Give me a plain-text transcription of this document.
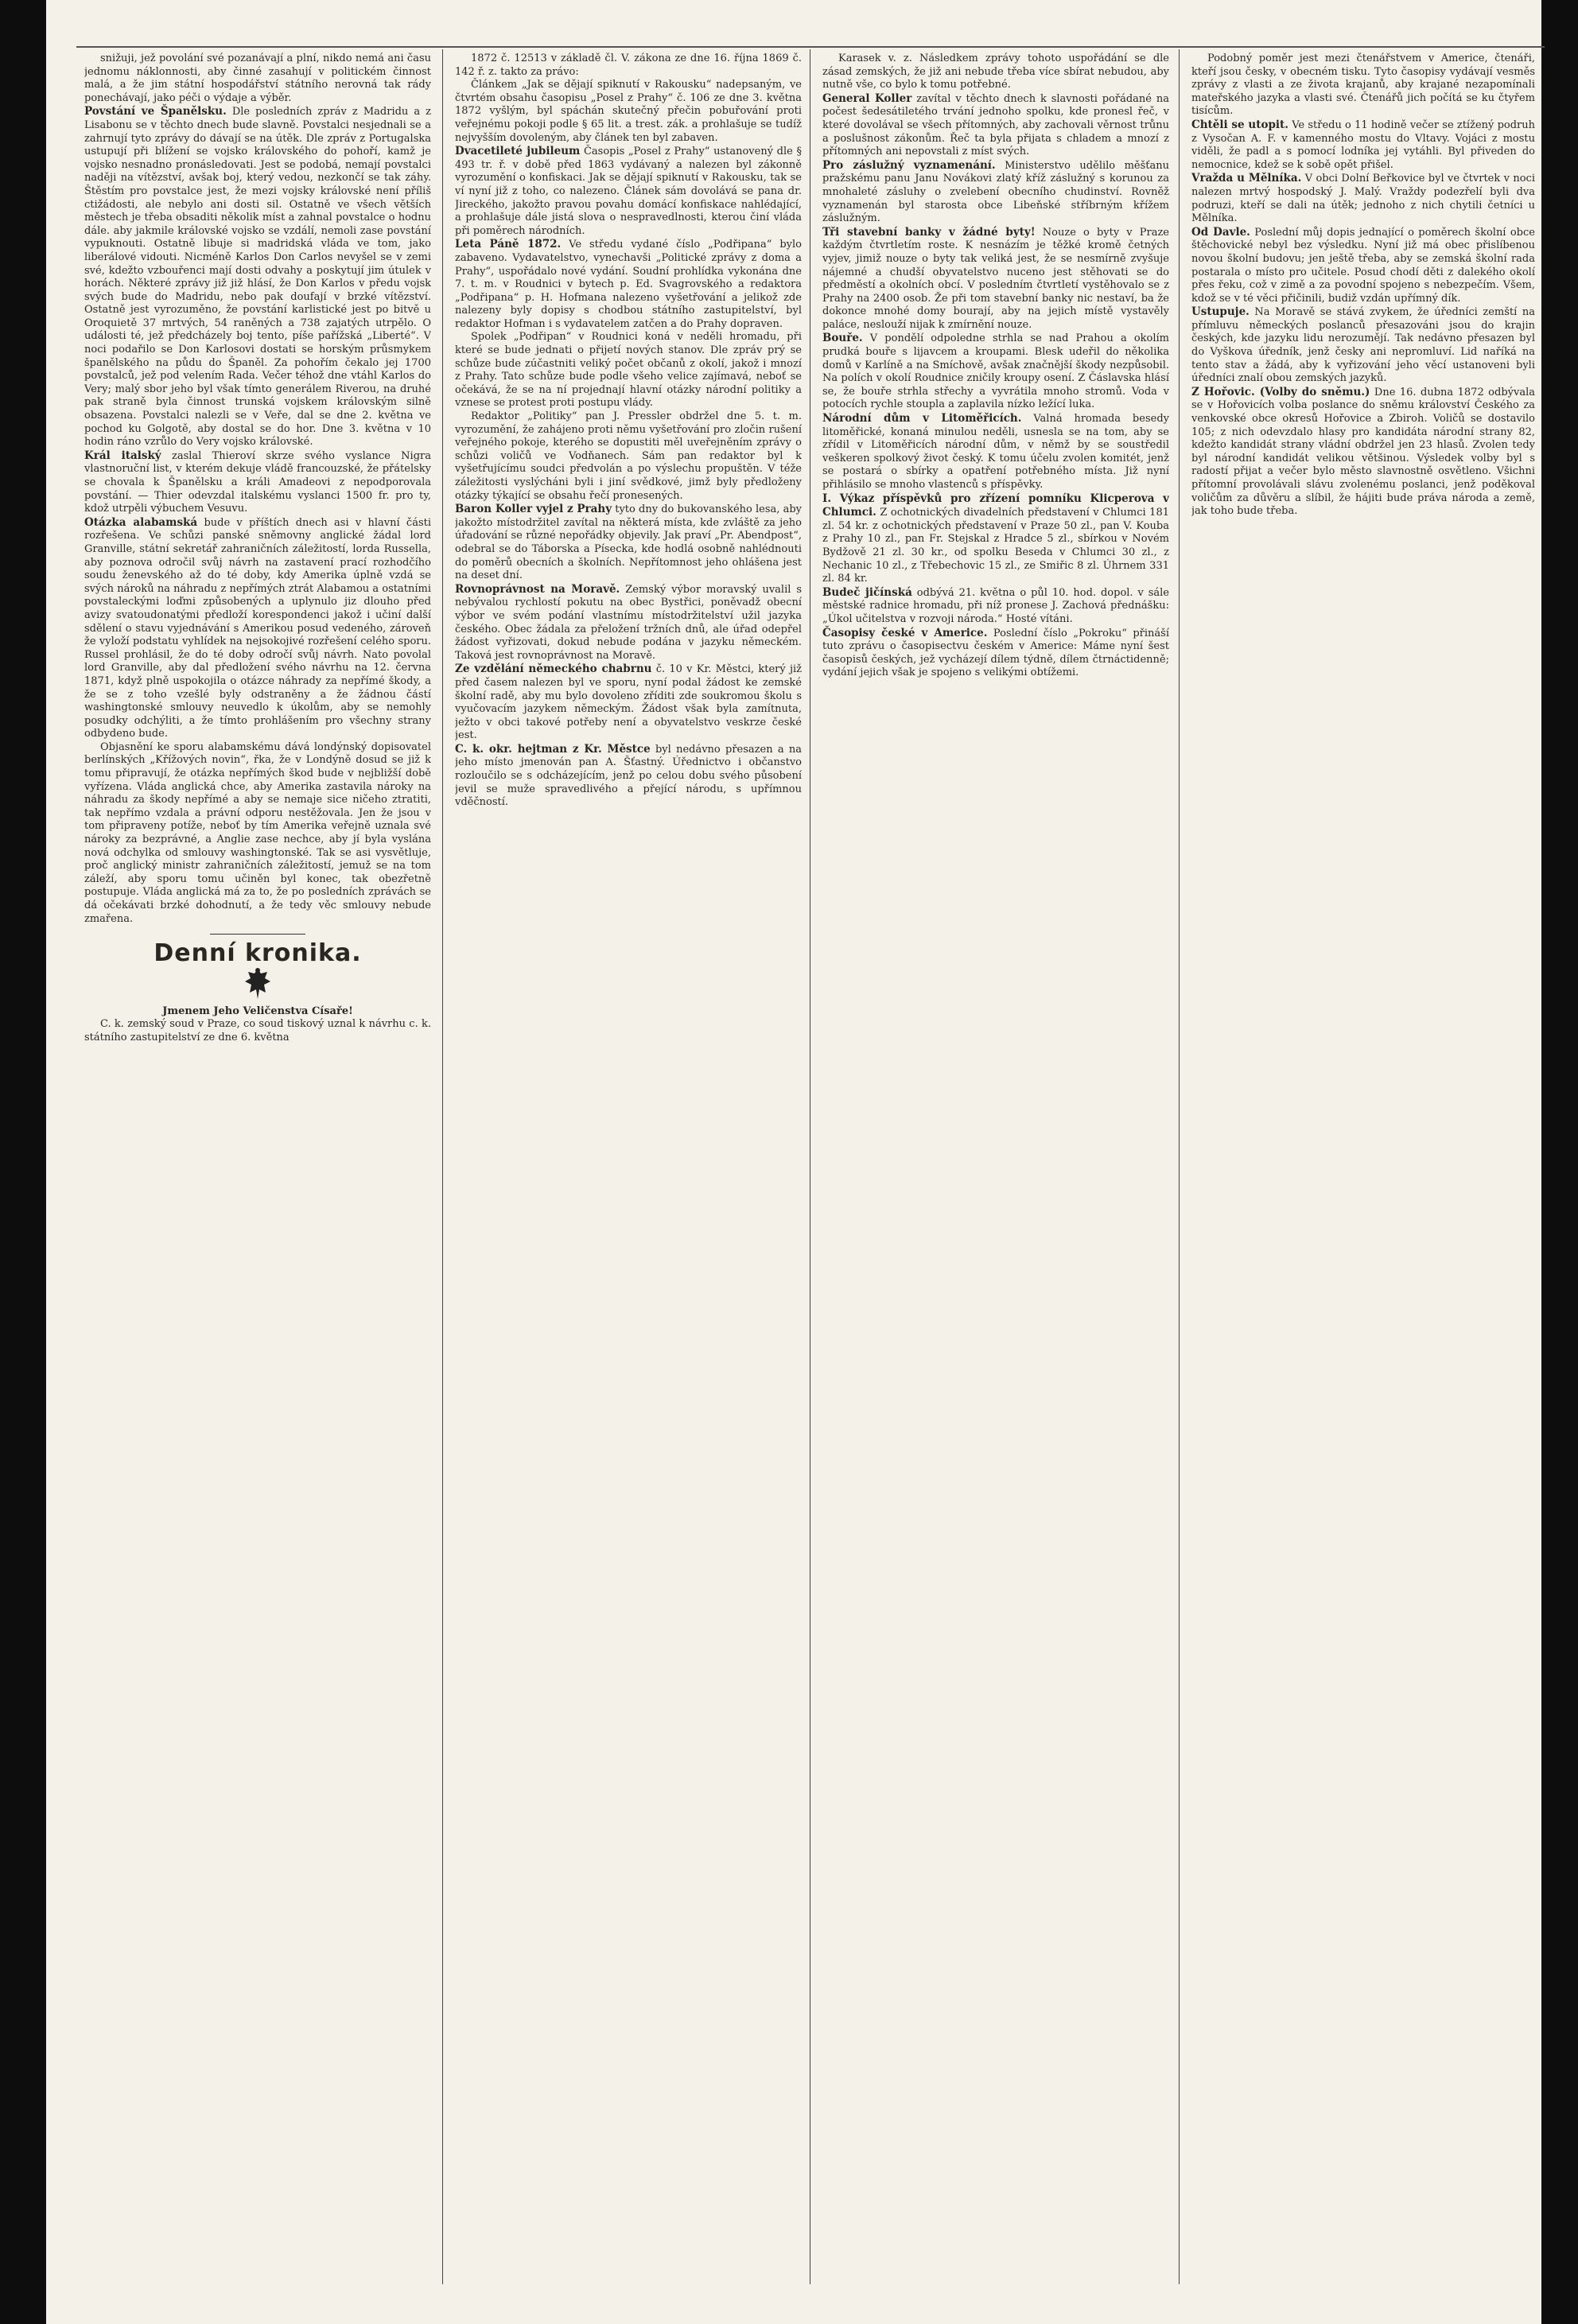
snižuji, jež povolání své pozanávají a plní, nikdo nemá ani času jednomu náklonnosti, aby činné zasahují v politickém činnost malá, a že jim státní hospodářství státního nerovná tak rády ponechávají, jako péči o výdaje a výběr.

Povstání ve Španělsku. Dle posledních zpráv z Madridu a z Lisabonu se v těchto dnech bude slavně. Povstalci nesjednali se a zahrnují tyto zprávy do dávají se na útěk. Dle zpráv z Portugalska ustupují při blížení se vojsko královského do pohoří, kamž je vojsko nesnadno pronásledovati. Jest se podobá, nemají povstalci naději na vítězství, avšak boj, který vedou, nezkončí se tak záhy. Štěstím pro povstalce jest, že mezi vojsky královské není příliš ctižádosti, ale nebylo ani dosti sil. Ostatně ve všech větších městech je třeba obsaditi několik míst a zahnal povstalce o hodnu dále. aby jakmile královské vojsko se vzdálí, nemoli zase povstání vypuknouti. Ostatně libuje si madridská vláda ve tom, jako liberálové vidouti. Nicméně Karlos Don Carlos nevyšel se v zemi své, kdežto vzbouřenci mají dosti odvahy a poskytují jim útulek v horách. Některé zprávy již již hlásí, že Don Karlos v předu vojsk svých bude do Madridu, nebo pak doufají v brzké vítězství. Ostatně jest vyrozuměno, že povstání karlistické jest po bitvě u Oroquietě 37 mrtvých, 54 raněných a 738 zajatých utrpělo. O události té, jež předcházely boj tento, píše pařížská „Liberté“. V noci podařilo se Don Karlosovi dostati se horským průsmykem španělského na půdu do Španěl. Za pohořím čekalo jej 1700 povstalců, jež pod velením Rada. Večer téhož dne vtáhl Karlos do Very; malý sbor jeho byl však tímto generálem Riverou, na druhé pak straně byla činnost trunská vojskem královským silně obsazena. Povstalci nalezli se v Veře, dal se dne 2. května ve pochod ku Golgotě, aby dostal se do hor. Dne 3. května v 10 hodin ráno vzrůlo do Very vojsko královské.

Král italský zaslal Thieroví skrze svého vyslance Nigra vlastnoruční list, v kterém dekuje vládě francouzské, že přátelsky se chovala k Španělsku a králi Amadeovi z nepodporovala povstání. — Thier odevzdal italskému vyslanci 1500 fr. pro ty, kdož utrpěli výbuchem Vesuvu.

Otázka alabamská bude v příštích dnech asi v hlavní části rozřešena. Ve schůzi panské sněmovny anglické žádal lord Granville, státní sekretář zahraničních záležitostí, lorda Russella, aby poznova odročil svůj návrh na zastavení prací rozhodčího soudu ženevského až do té doby, kdy Amerika úplně vzdá se svých nároků na náhradu z nepřímých ztrát Alabamou a ostatními povstaleckými loďmi způsobených a uplynulo jiz dlouho před avizy svatoudonatými předloží korespondenci jakož i učiní další sdělení o stavu vyjednávání s Amerikou posud vedeného, zároveň že vyloží podstatu vyhlídek na nejsokojivé rozřešení celého sporu. Russel prohlásil, že do té doby odročí svůj návrh. Nato povolal lord Granville, aby dal předložení svého návrhu na 12. června 1871, když plně uspokojila o otázce náhrady za nepřímé škody, a že se z toho vzešlé byly odstraněny a že žádnou částí washingtonské smlouvy neuvedlo k úkolům, aby se nemohly posudky odchýliti, a že tímto prohlášením pro všechny strany odbydeno bude.

Objasnění ke sporu alabamskému dává londýnský dopisovatel berlínských „Křížových novin“, řka, že v Londýně dosud se již k tomu připravují, že otázka nepřímých škod bude v nejbližší době vyřízena. Vláda anglická chce, aby Amerika zastavila nároky na náhradu za škody nepřímé a aby se nemaje sice ničeho ztratiti, tak nepřímo vzdala a právní odporu nestěžovala. Jen že jsou v tom připraveny potíže, neboť by tím Amerika veřejně uznala své nároky za bezprávné, a Anglie zase nechce, aby jí byla vyslána nová odchylka od smlouvy washingtonské. Tak se asi vysvětluje, proč anglický ministr zahraničních záležitostí, jemuž se na tom záleží, aby sporu tomu učiněn byl konec, tak obezřetně postupuje. Vláda anglická má za to, že po posledních zprávách se dá očekávati brzké dohodnutí, a že tedy věc smlouvy nebude zmařena.

Denní kronika.
Jmenem Jeho Veličenstva Císaře!

C. k. zemský soud v Praze, co soud tiskový uznal k návrhu c. k. státního zastupitelství ze dne 6. května

1872 č. 12513 v základě čl. V. zákona ze dne 16. října 1869 č. 142 ř. z. takto za právo:

Článkem „Jak se dějají spiknutí v Rakousku“ nadepsaným, ve čtvrtém obsahu časopisu „Posel z Prahy“ č. 106 ze dne 3. května 1872 vyšlým, byl spáchán skutečný přečin pobuřování proti veřejnému pokoji podle § 65 lit. a trest. zák. a prohlašuje se tudíž nejvyšším dovoleným, aby článek ten byl zabaven.

Dvacetileté jubileum Časopis „Posel z Prahy“ ustanovený dle § 493 tr. ř. v době před 1863 vydávaný a nalezen byl zákonně vyrozumění o konfiskaci. Jak se dějají spiknutí v Rakousku, tak se ví nyní již z toho, co nalezeno. Článek sám dovolává se pana dr. Jireckého, jakožto pravou povahu domácí konfiskace nahlédající, a prohlašuje dále jistá slova o nespravedlnosti, kterou činí vláda při poměrech národních.

Leta Páně 1872. Ve středu vydané číslo „Podřipana“ bylo zabaveno. Vydavatelstvo, vynechavši „Politické zprávy z doma a Prahy“, uspořádalo nové vydání. Soudní prohlídka vykonána dne 7. t. m. v Roudnici v bytech p. Ed. Svagrovského a redaktora „Podřipana“ p. H. Hofmana nalezeno vyšetřování a jelikož zde nalezeny byly dopisy s chodbou státního zastupitelství, byl redaktor Hofman i s vydavatelem zatčen a do Prahy dopraven.

Spolek „Podřipan“ v Roudnici koná v neděli hromadu, při které se bude jednati o přijetí nových stanov. Dle zpráv prý se schůze bude zúčastniti veliký počet občanů z okolí, jakož i mnozí z Prahy. Tato schůze bude podle všeho velice zajímavá, neboť se očekává, že se na ní projednají hlavní otázky národní politiky a vznese se protest proti postupu vlády.

Redaktor „Politiky“ pan J. Pressler obdržel dne 5. t. m. vyrozumění, že zahájeno proti němu vyšetřování pro zločin rušení veřejného pokoje, kterého se dopustiti měl uveřejněním zprávy o schůzi voličů ve Vodňanech. Sám pan redaktor byl k vyšetřujícímu soudci předvolán a po výslechu propuštěn. V téže záležitosti vyslýcháni byli i jiní svědkové, jimž byly předloženy otázky týkající se obsahu řečí pronesených.

Baron Koller vyjel z Prahy tyto dny do bukovanského lesa, aby jakožto místodržitel zavítal na některá místa, kde zvláště za jeho úřadování se různé nepořádky objevily. Jak praví „Pr. Abendpost“, odebral se do Táborska a Písecka, kde hodlá osobně nahlédnouti do poměrů obecních a školních. Nepřítomnost jeho ohlášena jest na deset dní.

Rovnoprávnost na Moravě. Zemský výbor moravský uvalil s nebývalou rychlostí pokutu na obec Bystřici, poněvadž obecní výbor ve svém podání vlastnímu místodržitelství užil jazyka českého. Obec žádala za přeložení tržních dnů, ale úřad odepřel žádost vyřizovati, dokud nebude podána v jazyku německém. Taková jest rovnoprávnost na Moravě.

Ze vzdělání německého chabrnu č. 10 v Kr. Městci, který již před časem nalezen byl ve sporu, nyní podal žádost ke zemské školní radě, aby mu bylo dovoleno zříditi zde soukromou školu s vyučovacím jazykem německým. Žádost však byla zamítnuta, ježto v obci takové potřeby není a obyvatelstvo veskrze české jest.

C. k. okr. hejtman z Kr. Městce byl nedávno přesazen a na jeho místo jmenován pan A. Šťastný. Úřednictvo i občanstvo rozloučilo se s odcházejícím, jenž po celou dobu svého působení jevil se muže spravedlivého a přející národu, s upřímnou vděčností.

Karasek v. z. Následkem zprávy tohoto uspořádání se dle zásad zemských, že již ani nebude třeba více sbírat nebudou, aby nutně vše, co bylo k tomu potřebné.

General Koller zavítal v těchto dnech k slavnosti pořádané na počest šedesátiletého trvání jednoho spolku, kde pronesl řeč, v které dovolával se všech přítomných, aby zachovali věrnost trůnu a poslušnost zákonům. Řeč ta byla přijata s chladem a mnozí z přítomných ani nepovstali z míst svých.

Pro záslužný vyznamenání. Ministerstvo udělilo měšťanu pražskému panu Janu Novákovi zlatý kříž záslužný s korunou za mnohaleté zásluhy o zvelebení obecního chudinství. Rovněž vyznamenán byl starosta obce Libeňské stříbrným křížem záslužným.

Tři stavební banky v žádné byty! Nouze o byty v Praze každým čtvrtletím roste. K nesnázím je těžké kromě četných vyjev, jimiž nouze o byty tak veliká jest, že se nesmírně zvyšuje nájemné a chudší obyvatelstvo nuceno jest stěhovati se do předměstí a okolních obcí. V posledním čtvrtletí vystěhovalo se z Prahy na 2400 osob. Že při tom stavební banky nic nestaví, ba že dokonce mnohé domy bourají, aby na jejich místě vystavěly paláce, neslouží nijak k zmírnění nouze.

Bouře. V pondělí odpoledne strhla se nad Prahou a okolím prudká bouře s lijavcem a kroupami. Blesk udeřil do několika domů v Karlíně a na Smíchově, avšak značnější škody nezpůsobil. Na polích v okolí Roudnice zničily kroupy osení. Z Čáslavska hlásí se, že bouře strhla střechy a vyvrátila mnoho stromů. Voda v potocích rychle stoupla a zaplavila nízko ležící luka.

Národní dům v Litoměřicích. Valná hromada besedy litoměřické, konaná minulou neděli, usnesla se na tom, aby se zřídil v Litoměřicích národní dům, v němž by se soustředil veškeren spolkový život český. K tomu účelu zvolen komitét, jenž se postará o sbírky a opatření potřebného místa. Již nyní přihlásilo se mnoho vlastenců s příspěvky.

I. Výkaz příspěvků pro zřízení pomníku Klicperova v Chlumci. Z ochotnických divadelních představení v Chlumci 181 zl. 54 kr. z ochotnických představení v Praze 50 zl., pan V. Kouba z Prahy 10 zl., pan Fr. Stejskal z Hradce 5 zl., sbírkou v Novém Bydžově 21 zl. 30 kr., od spolku Beseda v Chlumci 30 zl., z Nechanic 10 zl., z Třebechovic 15 zl., ze Smiřic 8 zl. Úhrnem 331 zl. 84 kr.

Budeč jičínská odbývá 21. května o půl 10. hod. dopol. v sále městské radnice hromadu, při níž pronese J. Zachová přednášku: „Úkol učitelstva v rozvoji národa.“ Hosté vítáni.

Časopisy české v Americe. Poslední číslo „Pokroku“ přináší tuto zprávu o časopisectvu českém v Americe: Máme nyní šest časopisů českých, jež vycházejí dílem týdně, dílem čtrnáctidenně; vydání jejich však je spojeno s velikými obtížemi.

Podobný poměr jest mezi čtenářstvem v Americe, čtenáři, kteří jsou česky, v obecném tisku. Tyto časopisy vydávají vesměs zprávy z vlasti a ze života krajanů, aby krajané nezapomínali mateřského jazyka a vlasti své. Čtenářů jich počítá se ku čtyřem tisícům.

Chtěli se utopit. Ve středu o 11 hodině večer se ztížený podruh z Vysočan A. F. v kamenného mostu do Vltavy. Vojáci z mostu viděli, že padl a s pomocí lodníka jej vytáhli. Byl přiveden do nemocnice, kdež se k sobě opět přišel.

Vražda u Mělníka. V obci Dolní Beřkovice byl ve čtvrtek v noci nalezen mrtvý hospodský J. Malý. Vraždy podezřelí byli dva podruzi, kteří se dali na útěk; jednoho z nich chytili četníci u Mělníka.

Od Davle. Poslední můj dopis jednající o poměrech školní obce štěchovické nebyl bez výsledku. Nyní již má obec přislíbenou novou školní budovu; jen ještě třeba, aby se zemská školní rada postarala o místo pro učitele. Posud chodí děti z dalekého okolí přes řeku, což v zimě a za povodní spojeno s nebezpečím. Všem, kdož se v té věci přičinili, budiž vzdán upřímný dík.

Ustupuje. Na Moravě se stává zvykem, že úředníci zemští na přímluvu německých poslanců přesazováni jsou do krajin českých, kde jazyku lidu nerozumějí. Tak nedávno přesazen byl do Vyškova úředník, jenž česky ani nepromluví. Lid naříká na tento stav a žádá, aby k vyřizování jeho věcí ustanoveni byli úředníci znalí obou zemských jazyků.

Z Hořovic. (Volby do sněmu.) Dne 16. dubna 1872 odbývala se v Hořovicích volba poslance do sněmu království Českého za venkovské obce okresů Hořovice a Zbiroh. Voličů se dostavilo 105; z nich odevzdalo hlasy pro kandidáta národní strany 82, kdežto kandidát strany vládní obdržel jen 23 hlasů. Zvolen tedy byl národní kandidát velikou většinou. Výsledek volby byl s radostí přijat a večer bylo město slavnostně osvětleno. Všichni přítomní provolávali slávu zvolenému poslanci, jenž poděkoval voličům za důvěru a slíbil, že hájiti bude práva národa a země, jak toho bude třeba.
